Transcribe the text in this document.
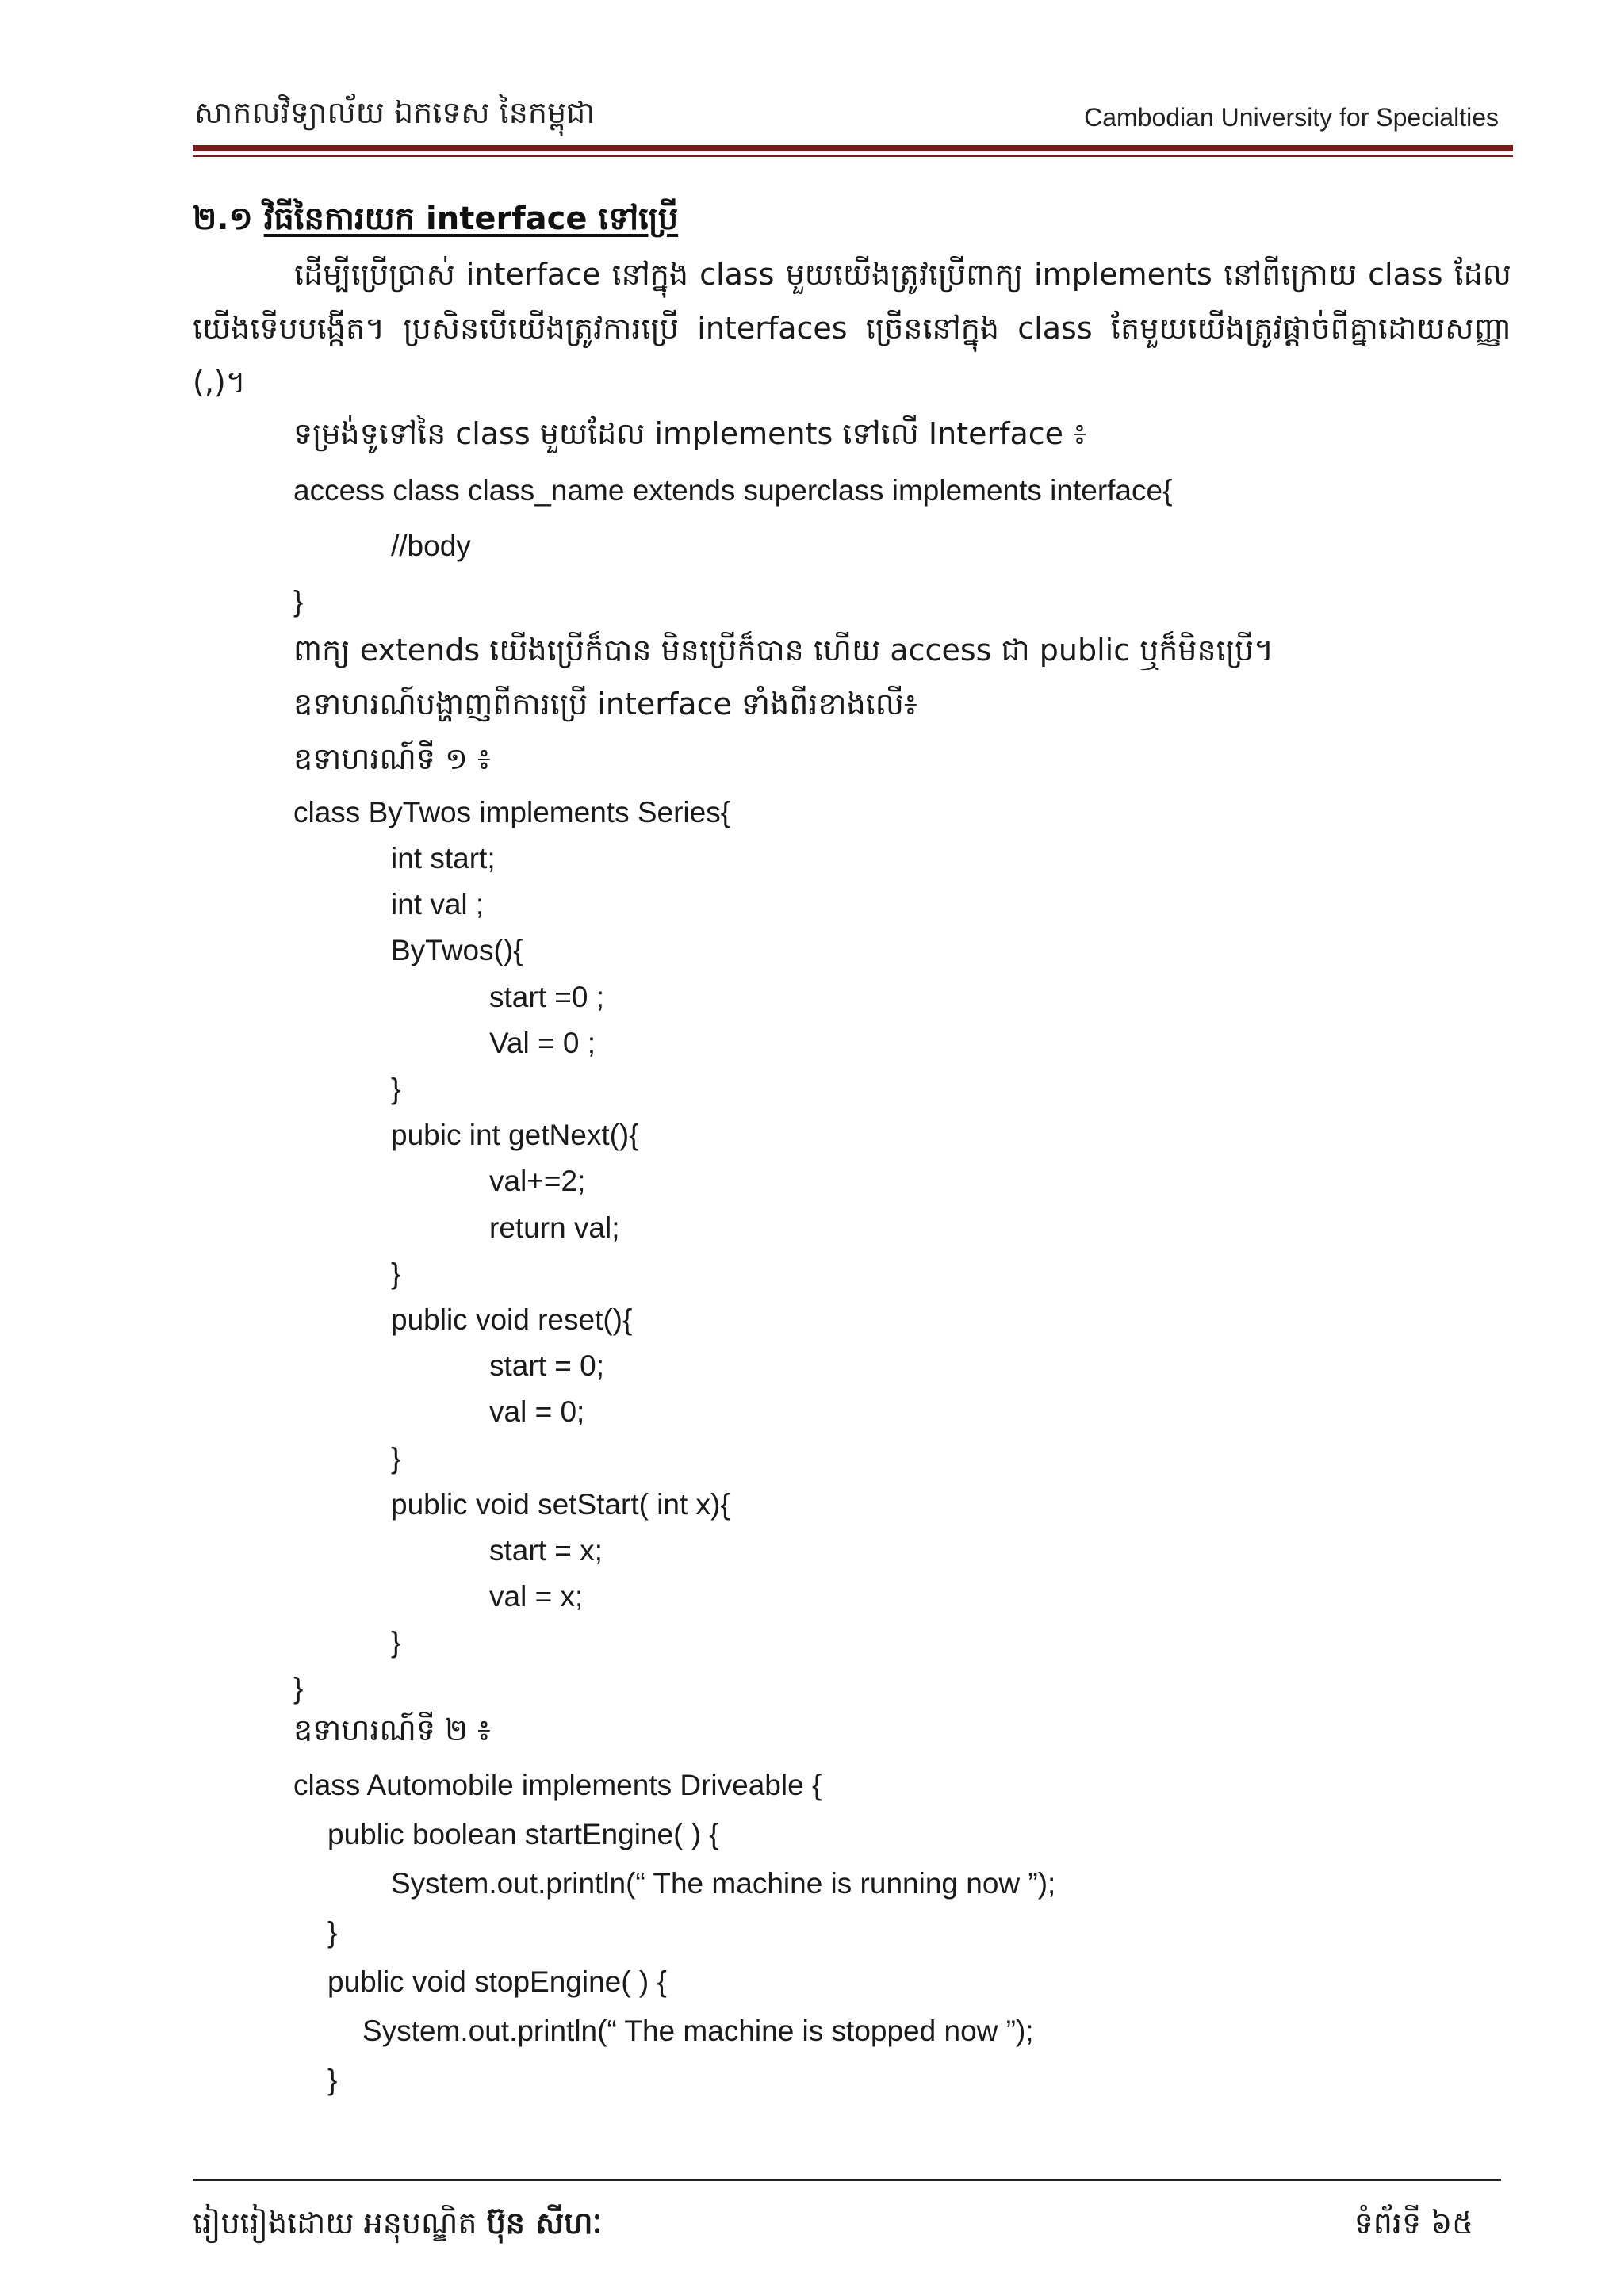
សាកលវិទ្យាល័យ ឯកទេស នៃកម្ពុជា	Cambodian University for Specialties
២.១ វិធីនៃការយក interface ទៅប្រើ
ដើម្បីប្រើប្រាស់ interface នៅក្នុង class មួយយើងត្រូវប្រើពាក្យ implements នៅពីក្រោយ class ដែលយើងទើបបង្កើត។ ប្រសិនបើយើងត្រូវការប្រើ interfaces ច្រើននៅក្នុង class តែមួយយើងត្រូវផ្តាច់ពីគ្នាដោយសញ្ញា (,)។
ទម្រង់ទូទៅនៃ class មួយដែល implements ទៅលើ Interface ៖
access class class_name extends superclass implements interface{
//body
}
ពាក្យ extends យើងប្រើក៏បាន មិនប្រើក៏បាន ហើយ access ជា public ឬក៏មិនប្រើ។
ឧទាហរណ៍បង្ហាញពីការប្រើ interface ទាំងពីរខាងលើ៖
ឧទាហរណ៍ទី ១ ៖
class ByTwos implements Series{
int start;
int val ;
ByTwos(){
start =0 ;
Val = 0 ;
}
pubic int getNext(){
val+=2;
return val;
}
public void reset(){
start = 0;
val = 0;
}
public void setStart( int x){
start = x;
val = x;
}
}
ឧទាហរណ៍ទី ២ ៖
class Automobile implements Driveable {
public boolean startEngine( ) {
System.out.println(“ The machine is running now ”);
}
public void stopEngine( ) {
System.out.println(“ The machine is stopped now ”);
}
រៀបរៀងដោយ អនុបណ្ឌិត ប៊ុន សីហៈ	ទំព័រទី ៦៥
